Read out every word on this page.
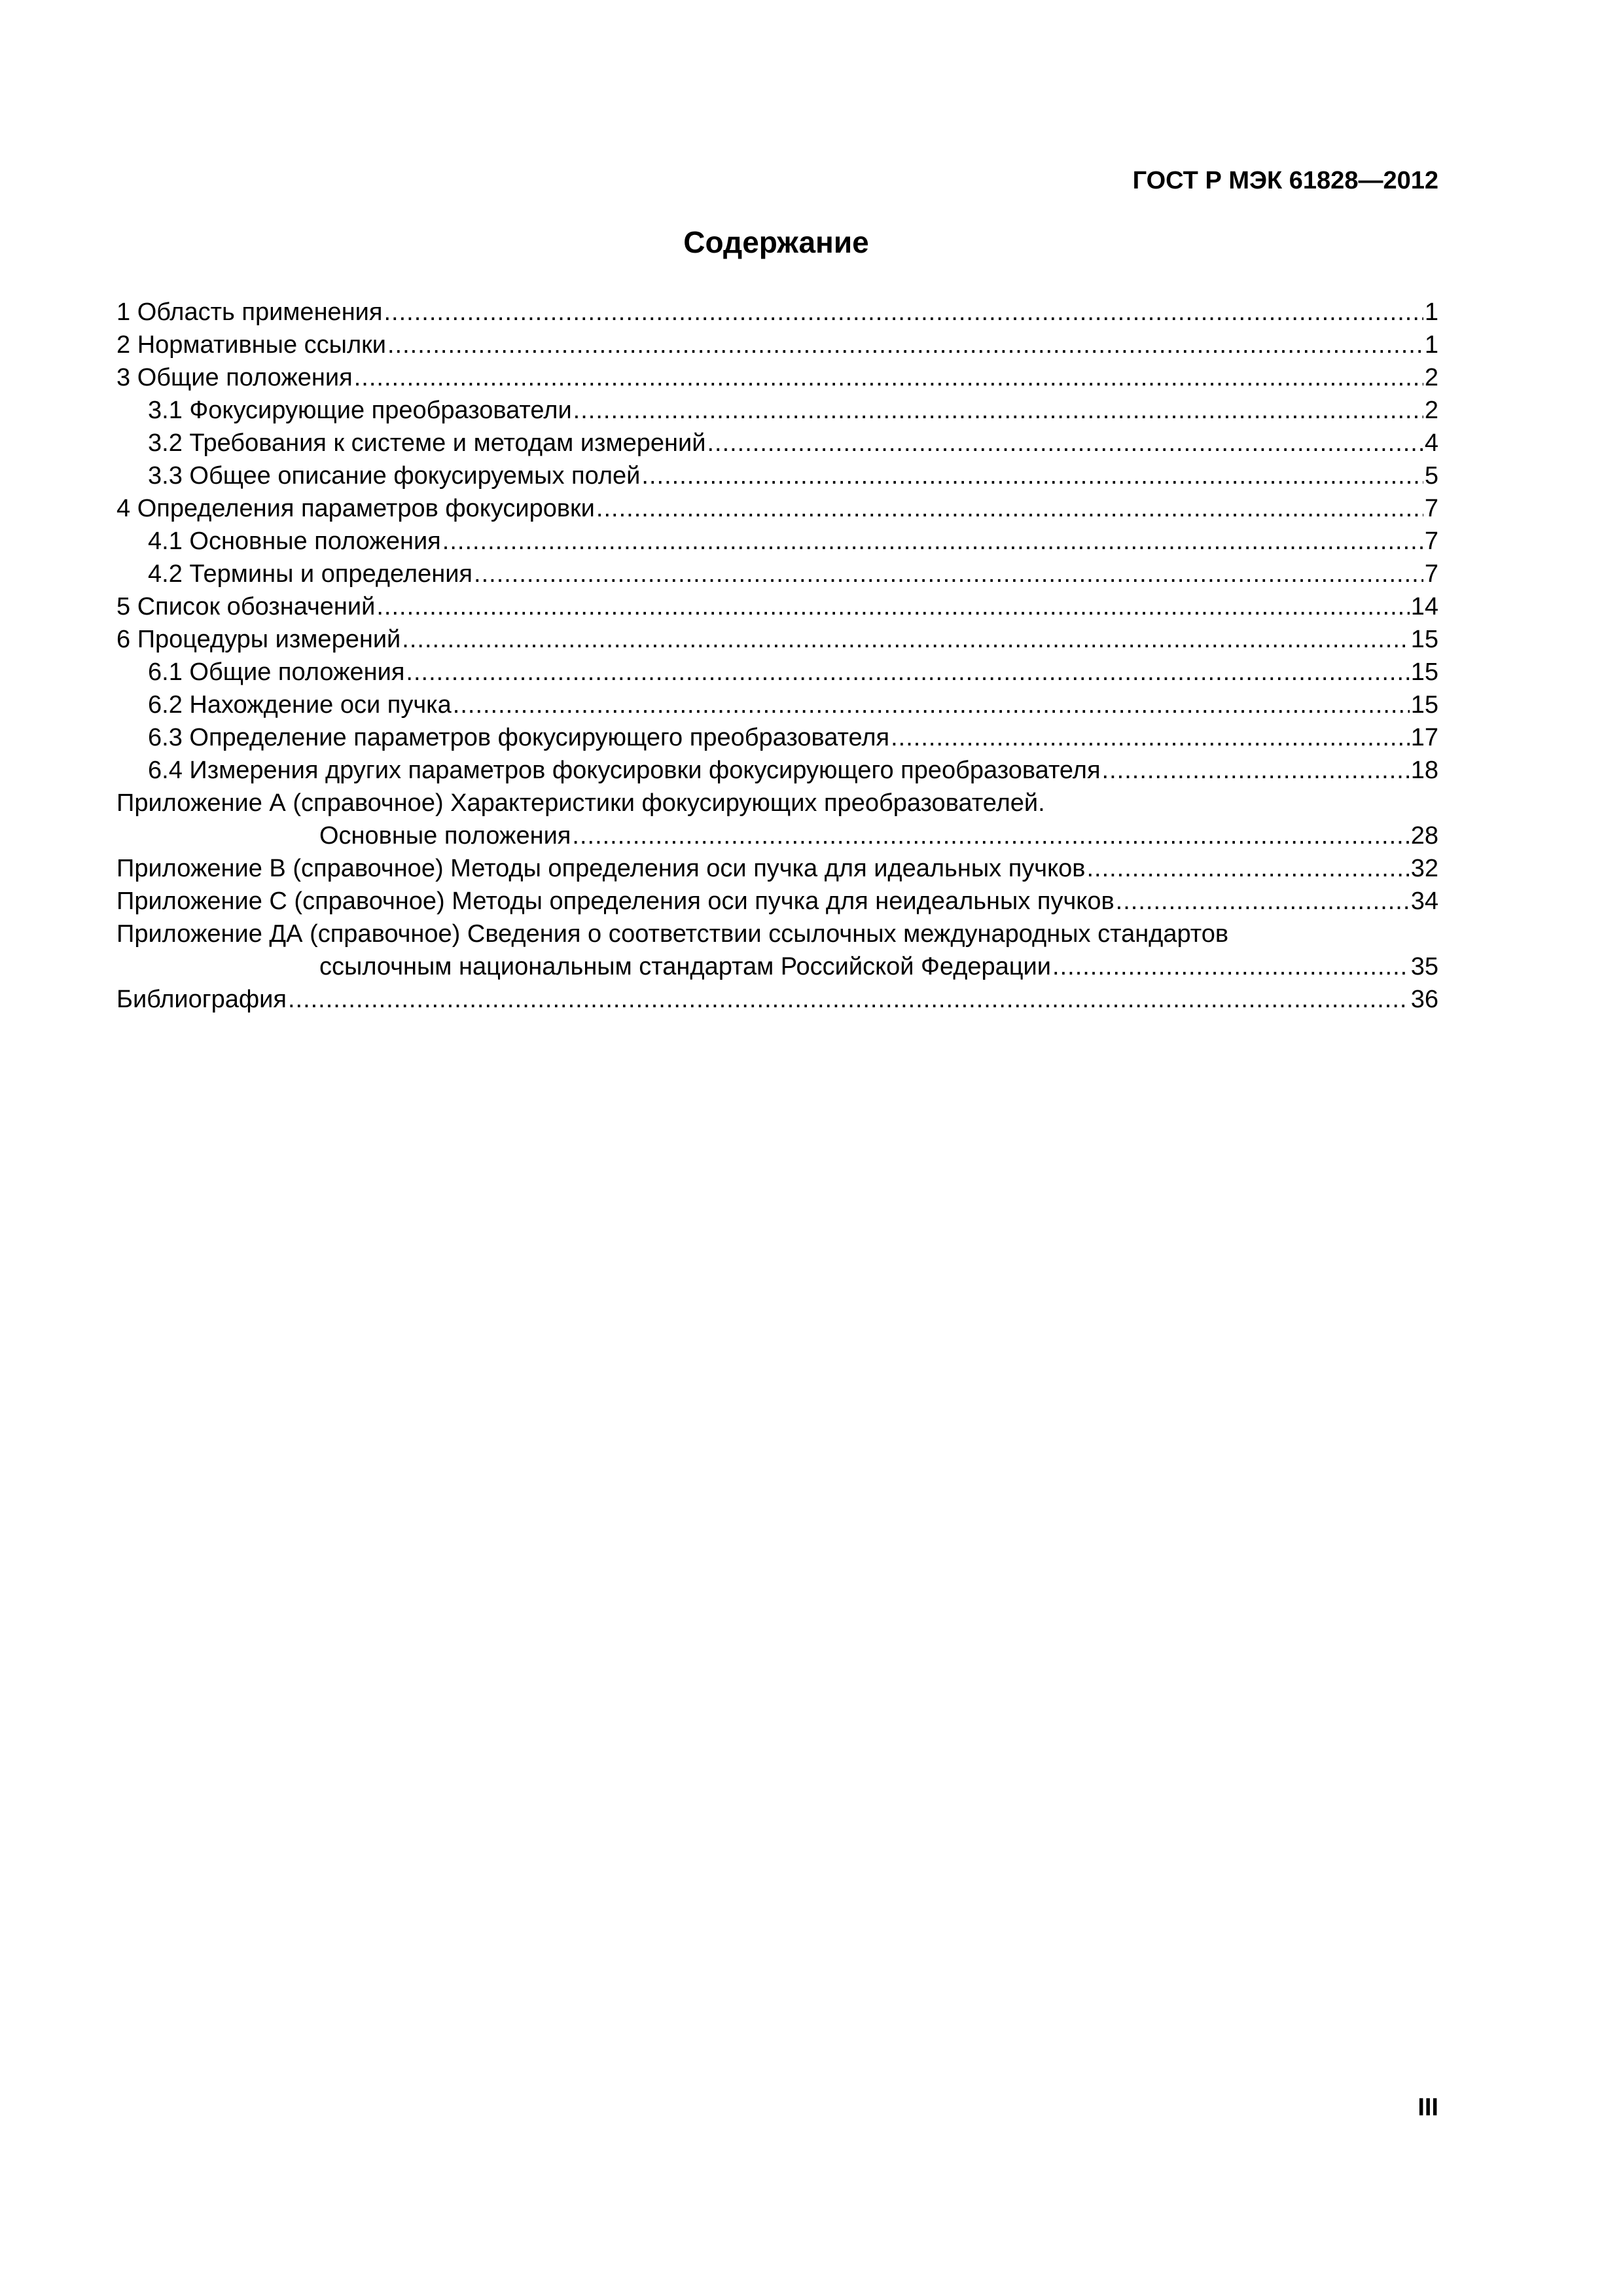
ГОСТ Р МЭК 61828—2012
Содержание
1 Область применения .....	1
2 Нормативные ссылки .....	1
3 Общие положения .....	2
3.1 Фокусирующие преобразователи .....	2
3.2 Требования к системе и методам измерений .....	4
3.3 Общее описание фокусируемых полей .....	5
4 Определения параметров фокусировки .....	7
4.1 Основные положения .....	7
4.2 Термины и определения .....	7
5 Список обозначений .....	14
6 Процедуры измерений .....	15
6.1 Общие положения .....	15
6.2 Нахождение оси пучка .....	15
6.3 Определение параметров фокусирующего преобразователя .....	17
6.4 Измерения других параметров фокусировки фокусирующего преобразователя .....	18
Приложение А (справочное) Характеристики фокусирующих преобразователей.
Основные положения .....	28
Приложение В (справочное) Методы определения оси пучка для идеальных пучков .....	32
Приложение С (справочное) Методы определения оси пучка для неидеальных пучков .....	34
Приложение ДА (справочное) Сведения о соответствии ссылочных международных стандартов
ссылочным национальным стандартам Российской Федерации .....	35
Библиография .....	36
III
